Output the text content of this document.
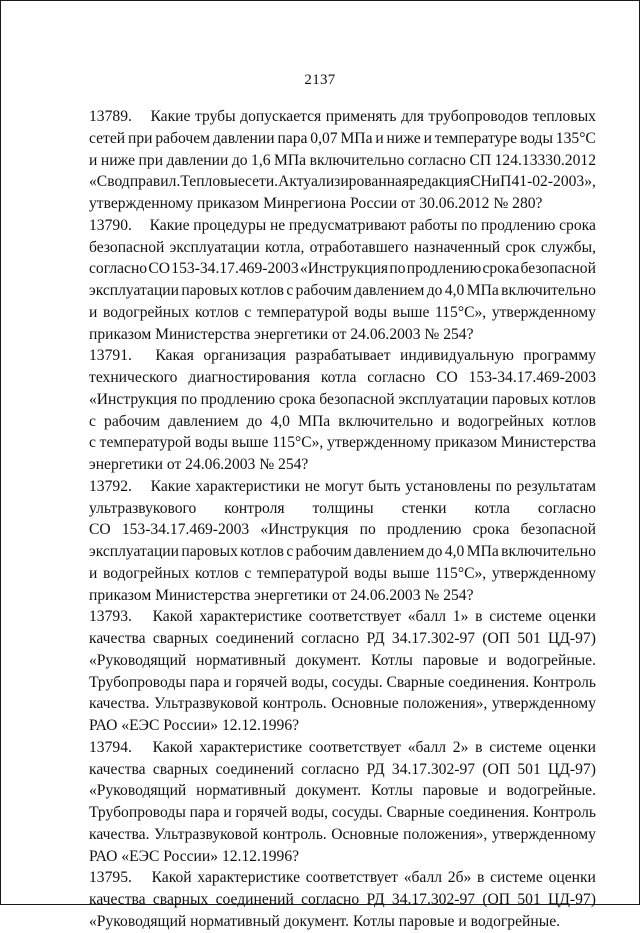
2137
13789. Какие трубы допускается применять для трубопроводов тепловых
сетей при рабочем давлении пара 0,07 МПа и ниже и температуре воды 135°С
и ниже при давлении до 1,6 МПа включительно согласно СП 124.13330.2012
«Свод правил. Тепловые сети. Актуализированная редакция СНиП 41-02-2003»,
утвержденному приказом Минрегиона России от 30.06.2012 № 280?
13790. Какие процедуры не предусматривают работы по продлению срока
безопасной эксплуатации котла, отработавшего назначенный срок службы,
согласно СО 153-34.17.469-2003 «Инструкция по продлению срока безопасной
эксплуатации паровых котлов с рабочим давлением до 4,0 МПа включительно
и водогрейных котлов с температурой воды выше 115°С», утвержденному
приказом Министерства энергетики от 24.06.2003 № 254?
13791. Какая организация разрабатывает индивидуальную программу
технического диагностирования котла согласно СО 153-34.17.469-2003
«Инструкция по продлению срока безопасной эксплуатации паровых котлов
с рабочим давлением до 4,0 МПа включительно и водогрейных котлов
с температурой воды выше 115°С», утвержденному приказом Министерства
энергетики от 24.06.2003 № 254?
13792. Какие характеристики не могут быть установлены по результатам
ультразвукового контроля толщины стенки котла согласно
СО 153-34.17.469-2003 «Инструкция по продлению срока безопасной
эксплуатации паровых котлов с рабочим давлением до 4,0 МПа включительно
и водогрейных котлов с температурой воды выше 115°С», утвержденному
приказом Министерства энергетики от 24.06.2003 № 254?
13793. Какой характеристике соответствует «балл 1» в системе оценки
качества сварных соединений согласно РД 34.17.302-97 (ОП 501 ЦД-97)
«Руководящий нормативный документ. Котлы паровые и водогрейные.
Трубопроводы пара и горячей воды, сосуды. Сварные соединения. Контроль
качества. Ультразвуковой контроль. Основные положения», утвержденному
РАО «ЕЭС России» 12.12.1996?
13794. Какой характеристике соответствует «балл 2» в системе оценки
качества сварных соединений согласно РД 34.17.302-97 (ОП 501 ЦД-97)
«Руководящий нормативный документ. Котлы паровые и водогрейные.
Трубопроводы пара и горячей воды, сосуды. Сварные соединения. Контроль
качества. Ультразвуковой контроль. Основные положения», утвержденному
РАО «ЕЭС России» 12.12.1996?
13795. Какой характеристике соответствует «балл 2б» в системе оценки
качества сварных соединений согласно РД 34.17.302-97 (ОП 501 ЦД-97)
«Руководящий нормативный документ. Котлы паровые и водогрейные.
